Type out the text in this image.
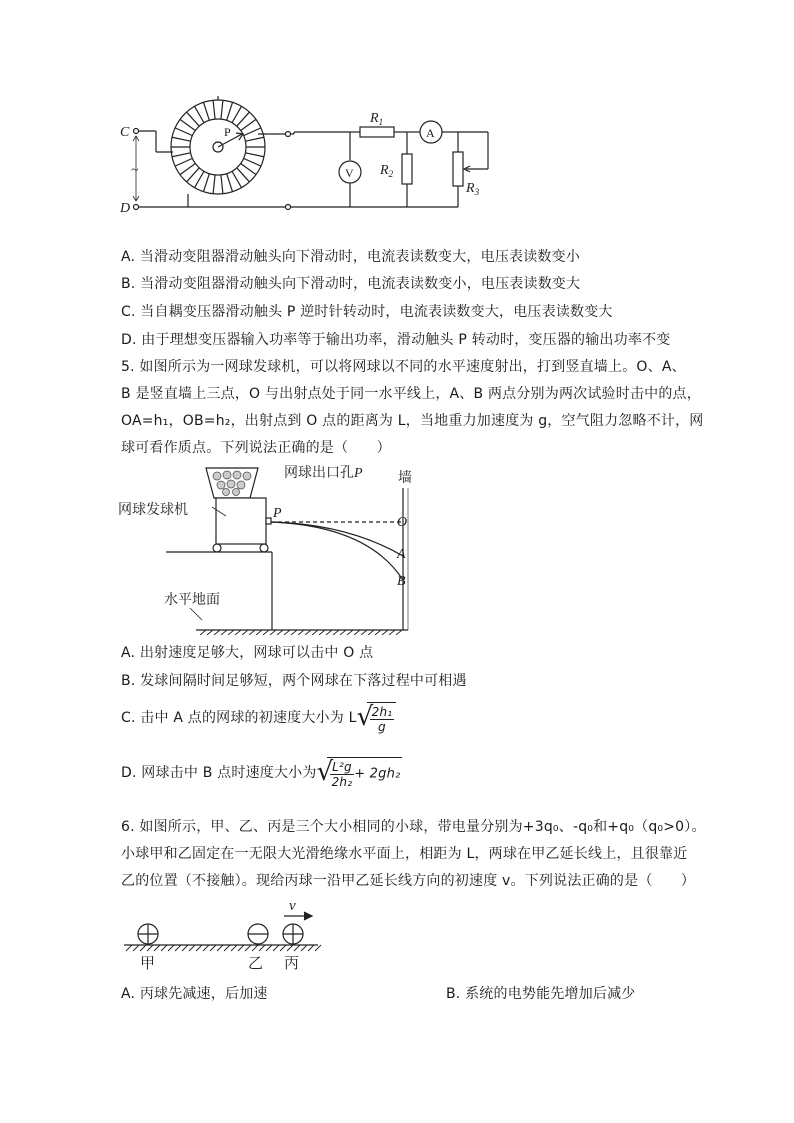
C
D
~
P
V
A
$R_1$
$R_2$
$R_3$
A. 当滑动变阻器滑动触头向下滑动时，电流表读数变大，电压表读数变小
B. 当滑动变阻器滑动触头向下滑动时，电流表读数变小，电压表读数变大
C. 当自耦变压器滑动触头 P 逆时针转动时，电流表读数变大，电压表读数变大
D. 由于理想变压器输入功率等于输出功率，滑动触头 P 转动时，变压器的输出功率不变
5. 如图所示为一网球发球机，可以将网球以不同的水平速度射出，打到竖直墙上。O、A、
B 是竖直墙上三点，O 与出射点处于同一水平线上，A、B 两点分别为两次试验时击中的点，
OA=h₁，OB=h₂，出射点到 O 点的距离为 L，当地重力加速度为 g，空气阻力忽略不计，网
球可看作质点。下列说法正确的是（　　）
网球发球机
网球出口孔P
P
墙
O
A
B
水平地面
A. 出射速度足够大，网球可以击中 O 点
B. 发球间隔时间足够短，两个网球在下落过程中可相遇
C. 击中 A 点的网球的初速度大小为 L √
$\frac{\text{2h₁}}{g}$
D. 网球击中 B 点时速度大小为 √
$\frac{\text{L²g}}{\text{2h₂}} + 2gh_2$
6. 如图所示，甲、乙、丙是三个大小相同的小球，带电量分别为+3q₀、-q₀和+q₀（q₀>0）。
小球甲和乙固定在一无限大光滑绝缘水平面上，相距为 L，两球在甲乙延长线上，且很靠近
乙的位置（不接触）。现给丙球一沿甲乙延长线方向的初速度 v。下列说法正确的是（　　）
v
甲	乙 丙
A. 丙球先减速，后加速	B. 系统的电势能先增加后减少
